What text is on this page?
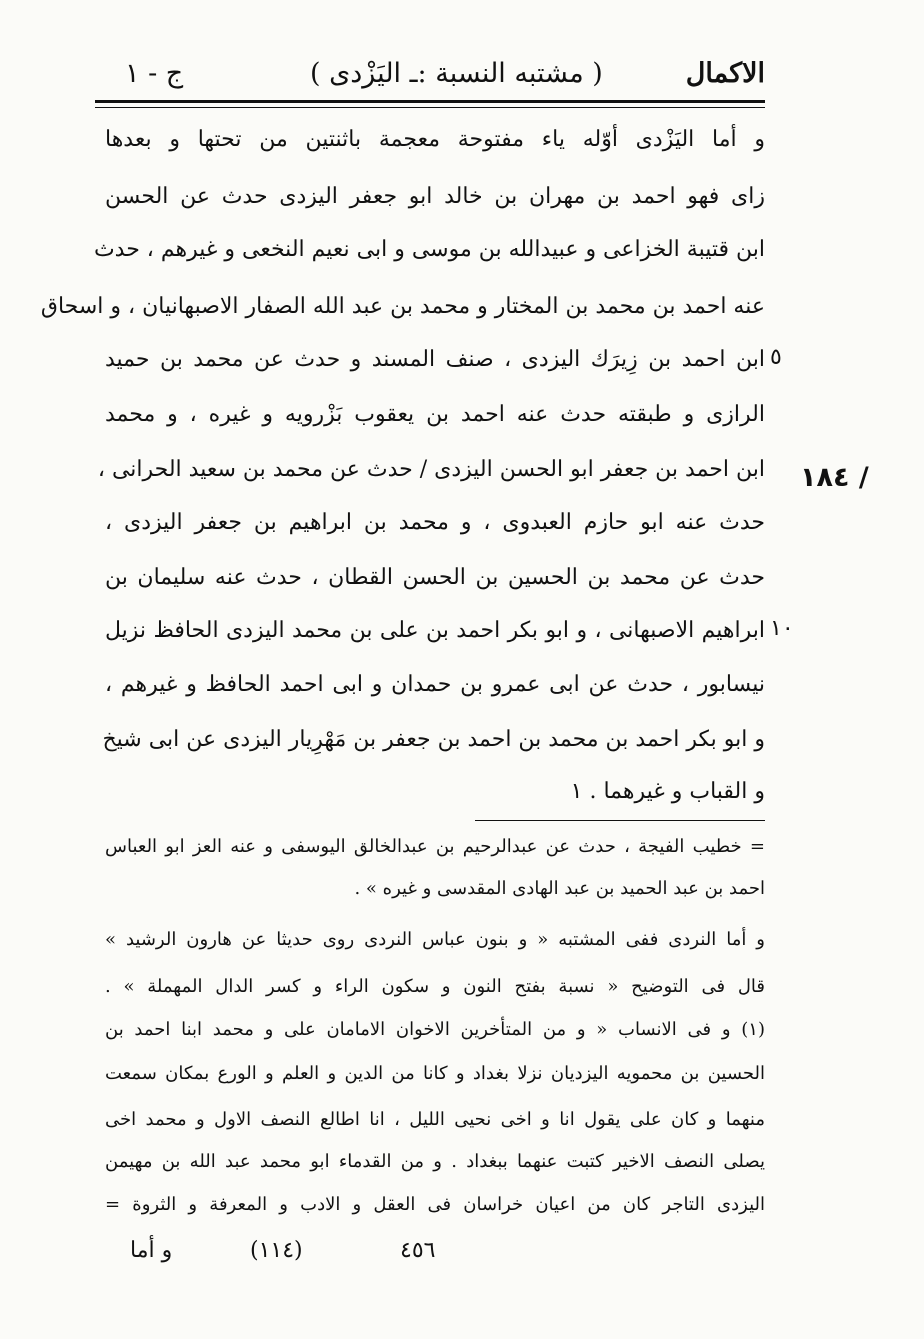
الاكمال
( مشتبه النسبة :ـ اليَزْدى )
ج - ١
و أما اليَزْدى أوّله ياء مفتوحة معجمة باثنتين من تحتها و بعدها
زاى فهو احمد بن مهران بن خالد ابو جعفر اليزدى حدث عن الحسن
ابن قتيبة الخزاعى و عبيدالله بن موسى و ابى نعيم النخعى و غيرهم ، حدث
عنه احمد بن محمد بن المختار و محمد بن عبد الله الصفار الاصبهانيان ، و اسحاق
ابن احمد بن زِيرَك اليزدى ، صنف المسند و حدث عن محمد بن حميد ٥
الرازى و طبقته حدث عنه احمد بن يعقوب بَزْرويه و غيره ، و محمد
ابن احمد بن جعفر ابو الحسن اليزدى / حدث عن محمد بن سعيد الحرانى ،
حدث عنه ابو حازم العبدوى ، و محمد بن ابراهيم بن جعفر اليزدى ،
حدث عن محمد بن الحسين بن الحسن القطان ، حدث عنه سليمان بن
ابراهيم الاصبهانى ، و ابو بكر احمد بن على بن محمد اليزدى الحافظ نزيل ١٠
نيسابور ، حدث عن ابى عمرو بن حمدان و ابى احمد الحافظ و غيرهم ،
و ابو بكر احمد بن محمد بن احمد بن جعفر بن مَهْرِيار اليزدى عن ابى شيخ
و القباب و غيرهما . ١
١٨٤ /
= خطيب الفيجة ، حدث عن عبدالرحيم بن عبدالخالق اليوسفى و عنه العز ابو العباس
احمد بن عبد الحميد بن عبد الهادى المقدسى و غيره » .
و أما النردى ففى المشتبه « و بنون عباس النردى روى حديثا عن هارون الرشيد »
قال فى التوضيح « نسبة بفتح النون و سكون الراء و كسر الدال المهملة » .
(١) و فى الانساب « و من المتأخرين الاخوان الامامان على و محمد ابنا احمد بن
الحسين بن محمويه اليزديان نزلا بغداد و كانا من الدين و العلم و الورع بمكان سمعت
منهما و كان على يقول انا و اخى نحيى الليل ، انا اطالع النصف الاول و محمد اخى
يصلى النصف الاخير كتبت عنهما ببغداد . و من القدماء ابو محمد عبد الله بن مهيمن
اليزدى التاجر كان من اعيان خراسان فى العقل و الادب و المعرفة و الثروة =
٤٥٦
(١١٤)
و أما
